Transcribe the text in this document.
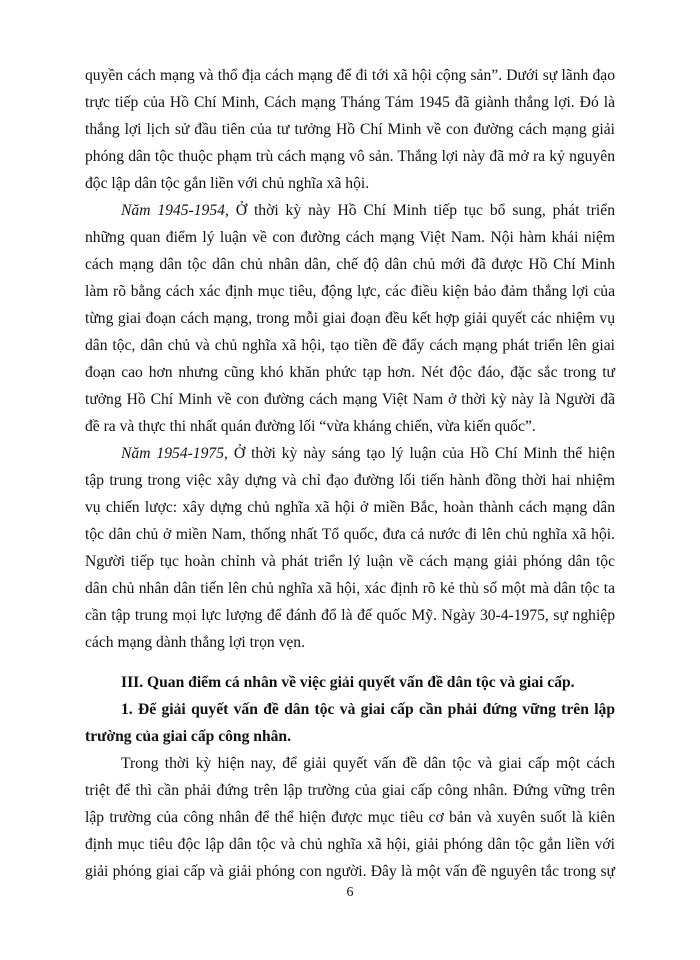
quyền cách mạng và thổ địa cách mạng để đi tới xã hội cộng sản”. Dưới sự lãnh đạo
trực tiếp của Hồ Chí Minh, Cách mạng Tháng Tám 1945 đã giành thắng lợi. Đó là
thắng lợi lịch sử đầu tiên của tư tưởng Hồ Chí Minh về con đường cách mạng giải
phóng dân tộc thuộc phạm trù cách mạng vô sản. Thắng lợi này đã mở ra kỷ nguyên
độc lập dân tộc gắn liền với chủ nghĩa xã hội.
Năm 1945-1954, Ở thời kỳ này Hồ Chí Minh tiếp tục bổ sung, phát triển
những quan điểm lý luận về con đường cách mạng Việt Nam. Nội hàm khái niệm
cách mạng dân tộc dân chủ nhân dân, chế độ dân chủ mới đã được Hồ Chí Minh
làm rõ bằng cách xác định mục tiêu, động lực, các điều kiện bảo đảm thắng lợi của
từng giai đoạn cách mạng, trong mỗi giai đoạn đều kết hợp giải quyết các nhiệm vụ
dân tộc, dân chủ và chủ nghĩa xã hội, tạo tiền đề đẩy cách mạng phát triển lên giai
đoạn cao hơn nhưng cũng khó khăn phức tạp hơn. Nét độc đáo, đặc sắc trong tư
tưởng Hồ Chí Minh về con đường cách mạng Việt Nam ở thời kỳ này là Người đã
đề ra và thực thi nhất quán đường lối “vừa kháng chiến, vừa kiến quốc”.
Năm 1954-1975, Ở thời kỳ này sáng tạo lý luận của Hồ Chí Minh thể hiện
tập trung trong việc xây dựng và chỉ đạo đường lối tiến hành đồng thời hai nhiệm
vụ chiến lược: xây dựng chủ nghĩa xã hội ở miền Bắc, hoàn thành cách mạng dân
tộc dân chủ ở miền Nam, thống nhất Tổ quốc, đưa cả nước đi lên chủ nghĩa xã hội.
Người tiếp tục hoàn chỉnh và phát triển lý luận về cách mạng giải phóng dân tộc
dân chủ nhân dân tiến lên chủ nghĩa xã hội, xác định rõ kẻ thù số một mà dân tộc ta
cần tập trung mọi lực lượng để đánh đổ là đế quốc Mỹ. Ngày 30-4-1975, sự nghiệp
cách mạng dành thắng lợi trọn vẹn.
III. Quan điểm cá nhân về việc giải quyết vấn đề dân tộc và giai cấp.
1. Để giải quyết vấn đề dân tộc và giai cấp cần phải đứng vững trên lập
trường của giai cấp công nhân.
Trong thời kỳ hiện nay, để giải quyết vấn đề dân tộc và giai cấp một cách
triệt để thì cần phải đứng trên lập trường của giai cấp công nhân. Đứng vững trên
lập trường của công nhân để thể hiện được mục tiêu cơ bản và xuyên suốt là kiên
định mục tiêu độc lập dân tộc và chủ nghĩa xã hội, giải phóng dân tộc gắn liền với
giải phóng giai cấp và giải phóng con người. Đây là một vấn đề nguyên tắc trong sự
6
